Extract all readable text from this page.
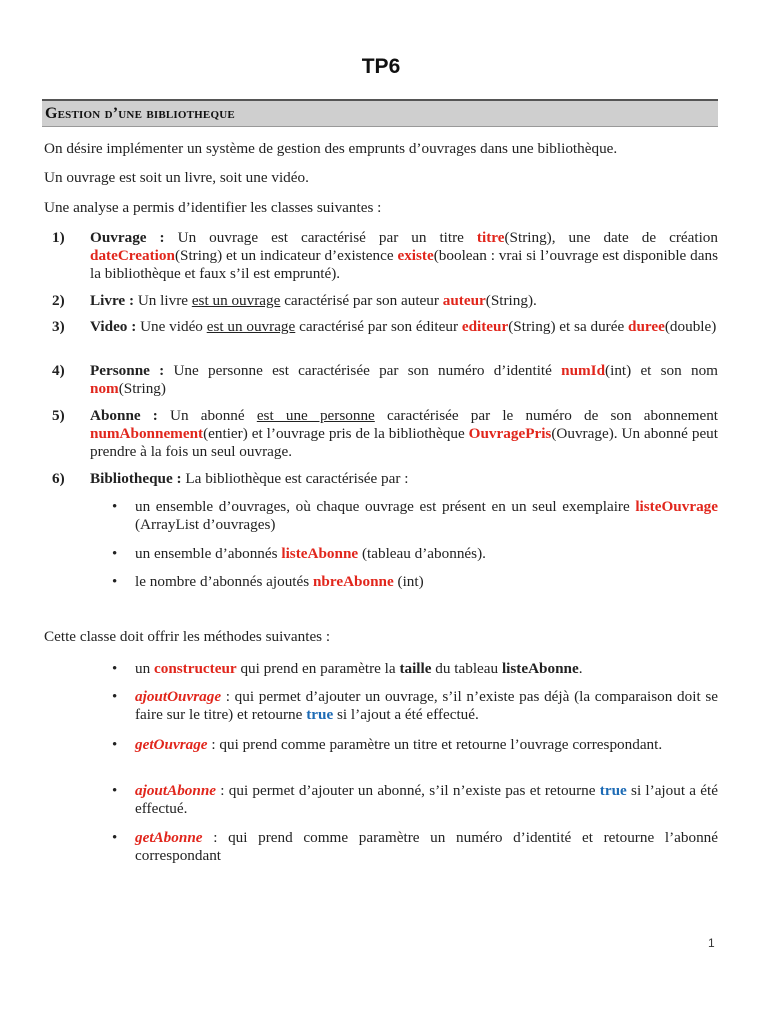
TP6
Gestion d’une bibliotheque

On désire implémenter un système de gestion des emprunts d’ouvrages dans une bibliothèque.

Un ouvrage est soit un livre, soit une vidéo.

Une analyse a permis d’identifier les classes suivantes :

1) Ouvrage : Un ouvrage est caractérisé par un titre titre(String), une date de création dateCreation(String) et un indicateur d’existence existe(boolean : vrai si l’ouvrage est disponible dans la bibliothèque et faux s’il est emprunté).
2) Livre : Un livre est un ouvrage caractérisé par son auteur auteur(String).
3) Video : Une vidéo est un ouvrage caractérisé par son éditeur editeur(String) et sa durée duree(double)
4) Personne : Une personne est caractérisée par son numéro d’identité numId(int) et son nom nom(String)
5) Abonne : Un abonné est une personne caractérisée par le numéro de son abonnement numAbonnement(entier) et l’ouvrage pris de la bibliothèque OuvragePris(Ouvrage). Un abonné peut prendre à la fois un seul ouvrage.
6) Bibliotheque : La bibliothèque est caractérisée par :
• un ensemble d’ouvrages, où chaque ouvrage est présent en un seul exemplaire listeOuvrage (ArrayList d’ouvrages)
• un ensemble d’abonnés listeAbonne (tableau d’abonnés).
• le nombre d’abonnés ajoutés nbreAbonne (int)

Cette classe doit offrir les méthodes suivantes :

• un constructeur qui prend en paramètre la taille du tableau listeAbonne.
• ajoutOuvrage : qui permet d’ajouter un ouvrage, s’il n’existe pas déjà (la comparaison doit se faire sur le titre) et retourne true si l’ajout a été effectué.
• getOuvrage : qui prend comme paramètre un titre et retourne l’ouvrage correspondant.
• ajoutAbonne : qui permet d’ajouter un abonné, s’il n’existe pas et retourne true si l’ajout a été effectué.
• getAbonne : qui prend comme paramètre un numéro d’identité et retourne l’abonné correspondant
1
